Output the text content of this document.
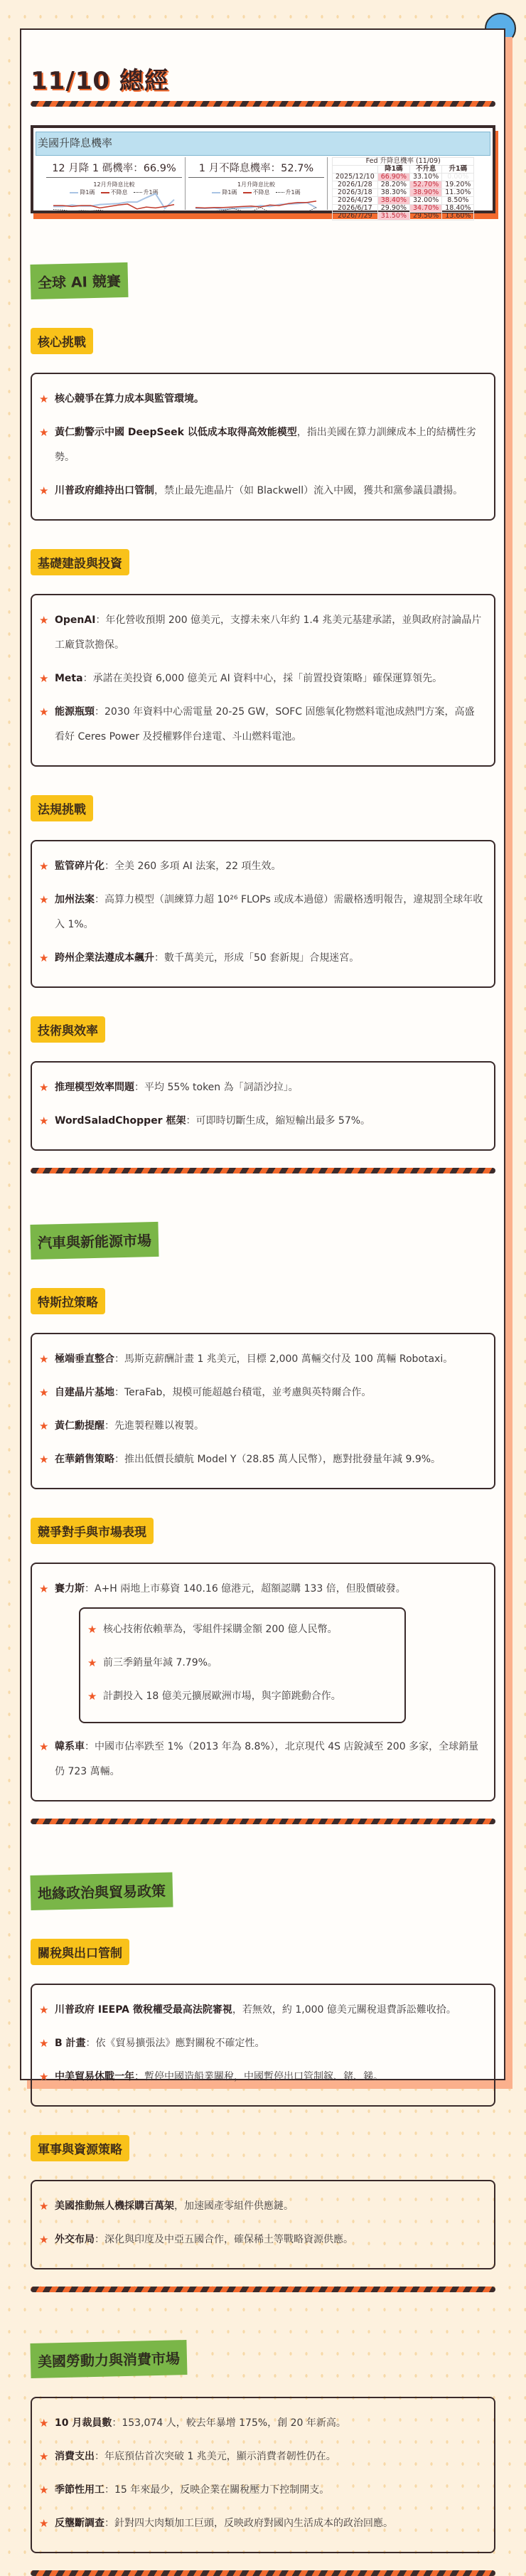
11/10 總經
美國升降息機率
12 月降 1 碼機率：66.9%
12月升降息比較
降1碼	不降息	升1碼
1 月不降息機率：52.7%
1月升降息比較
降1碼	不降息	升1碼
Fed 升降息機率 (11/09)			
	降1碼	不升息	升1碼
2025/12/10	66.90%	33.10%	0.00%
2026/1/28	28.20%	52.70%	19.20%
2026/3/18	38.30%	38.90%	11.30%
2026/4/29	38.40%	32.00%	8.50%
2026/6/17	29.90%	34.70%	18.40%
2026/7/29	31.50%	29.50%	13.60%
全球 AI 競賽
核心挑戰
★ 核心競爭在算力成本與監管環境。
★ 黃仁勳警示中國 DeepSeek 以低成本取得高效能模型，指出美國在算力訓練成本上的結構性劣勢。
★ 川普政府維持出口管制，禁止最先進晶片（如 Blackwell）流入中國，獲共和黨參議員讚揚。
基礎建設與投資
★ OpenAI：年化營收預期 200 億美元，支撐未來八年約 1.4 兆美元基建承諾，並與政府討論晶片工廠貸款擔保。
★ Meta：承諾在美投資 6,000 億美元 AI 資料中心，採「前置投資策略」確保運算領先。
★ 能源瓶頸：2030 年資料中心需電量 20-25 GW，SOFC 固態氧化物燃料電池成熱門方案，高盛看好 Ceres Power 及授權夥伴台達電、斗山燃料電池。
法規挑戰
★ 監管碎片化：全美 260 多項 AI 法案，22 項生效。
★ 加州法案：高算力模型（訓練算力超 10²⁶ FLOPs 或成本過億）需嚴格透明報告，違規罰全球年收入 1%。
★ 跨州企業法遵成本飆升：數千萬美元，形成「50 套新規」合規迷宮。
技術與效率
★ 推理模型效率問題：平均 55% token 為「詞語沙拉」。
★ WordSaladChopper 框架：可即時切斷生成，縮短輸出最多 57%。
汽車與新能源市場
特斯拉策略
★ 極端垂直整合：馬斯克薪酬計畫 1 兆美元，目標 2,000 萬輛交付及 100 萬輛 Robotaxi。
★ 自建晶片基地：TeraFab，規模可能超越台積電，並考慮與英特爾合作。
★ 黃仁勳提醒：先進製程難以複製。
★ 在華銷售策略：推出低價長續航 Model Y（28.85 萬人民幣），應對批發量年減 9.9%。
競爭對手與市場表現
★ 賽力斯：A+H 兩地上市募資 140.16 億港元，超額認購 133 倍，但股價破發。
★ 核心技術依賴華為，零組件採購金額 200 億人民幣。
★ 前三季銷量年減 7.79%。
★ 計劃投入 18 億美元擴展歐洲市場，與字節跳動合作。
★ 韓系車：中國市佔率跌至 1%（2013 年為 8.8%），北京現代 4S 店銳減至 200 多家，全球銷量仍 723 萬輛。
地緣政治與貿易政策
關稅與出口管制
★ 川普政府 IEEPA 徵稅權受最高法院審視，若無效，約 1,000 億美元關稅退費訴訟難收拾。
★ B 計畫：依《貿易擴張法》應對關稅不確定性。
★ 中美貿易休戰一年：暫停中國造船業關稅，中國暫停出口管制鎵、鍺、銻。
軍事與資源策略
★ 美國推動無人機採購百萬架，加速國產零組件供應鏈。
★ 外交布局：深化與印度及中亞五國合作，確保稀土等戰略資源供應。
美國勞動力與消費市場
★ 10 月裁員數：153,074 人，較去年暴增 175%，創 20 年新高。
★ 消費支出：年底預估首次突破 1 兆美元，顯示消費者韌性仍在。
★ 季節性用工：15 年來最少，反映企業在關稅壓力下控制開支。
★ 反壟斷調查：針對四大肉類加工巨頭，反映政府對國內生活成本的政治回應。
